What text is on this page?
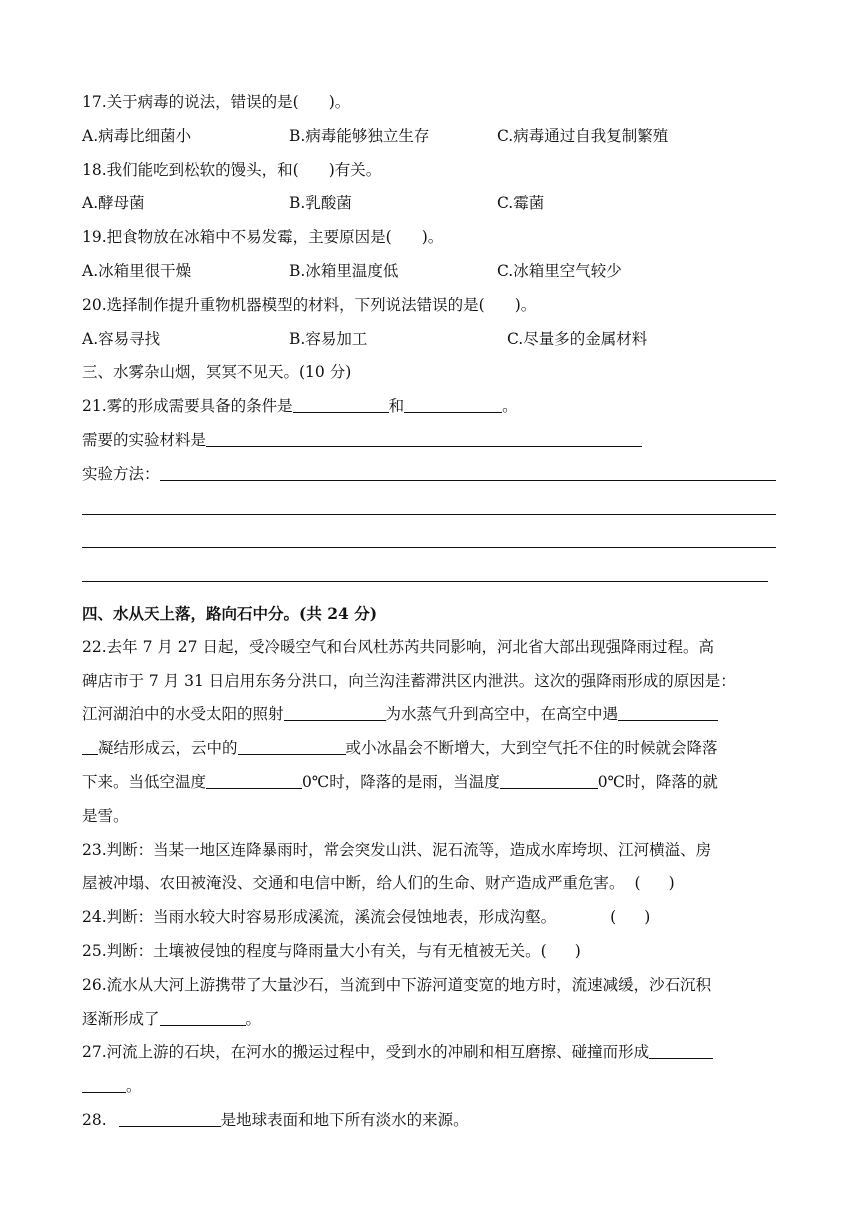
17.关于病毒的说法，错误的是( )。
A.病毒比细菌小	B.病毒能够独立生存	C.病毒通过自我复制繁殖
18.我们能吃到松软的馒头，和( )有关。
A.酵母菌	B.乳酸菌	C.霉菌
19.把食物放在冰箱中不易发霉，主要原因是( )。
A.冰箱里很干燥	B.冰箱里温度低	C.冰箱里空气较少
20.选择制作提升重物机器模型的材料，下列说法错误的是( )。
A.容易寻找	B.容易加工	C.尽量多的金属材料
三、水雾杂山烟，冥冥不见天。(10 分)
21.雾的形成需要具备的条件是	和	。
需要的实验材料是
实验方法：
四、水从天上落，路向石中分。(共 24 分)
22.去年 7 月 27 日起，受冷暖空气和台风杜苏芮共同影响，河北省大部出现强降雨过程。高
碑店市于 7 月 31 日启用东务分洪口，向兰沟洼蓄滞洪区内泄洪。这次的强降雨形成的原因是：
江河湖泊中的水受太阳的照射	为水蒸气升到高空中，在高空中遇
凝结形成云，云中的	或小冰晶会不断增大，大到空气托不住的时候就会降落
下来。当低空温度	0℃时，降落的是雨，当温度	0℃时，降落的就
是雪。
23.判断：当某一地区连降暴雨时，常会突发山洪、泥石流等，造成水库垮坝、江河横溢、房
屋被冲塌、农田被淹没、交通和电信中断，给人们的生命、财产造成严重危害。 ( )
24.判断：当雨水较大时容易形成溪流，溪流会侵蚀地表，形成沟壑。	( )
25.判断：土壤被侵蚀的程度与降雨量大小有关，与有无植被无关。( )
26.流水从大河上游携带了大量沙石，当流到中下游河道变宽的地方时，流速减缓，沙石沉积
逐渐形成了	。
27.河流上游的石块，在河水的搬运过程中，受到水的冲刷和相互磨擦、碰撞而形成
。
28.	是地球表面和地下所有淡水的来源。
